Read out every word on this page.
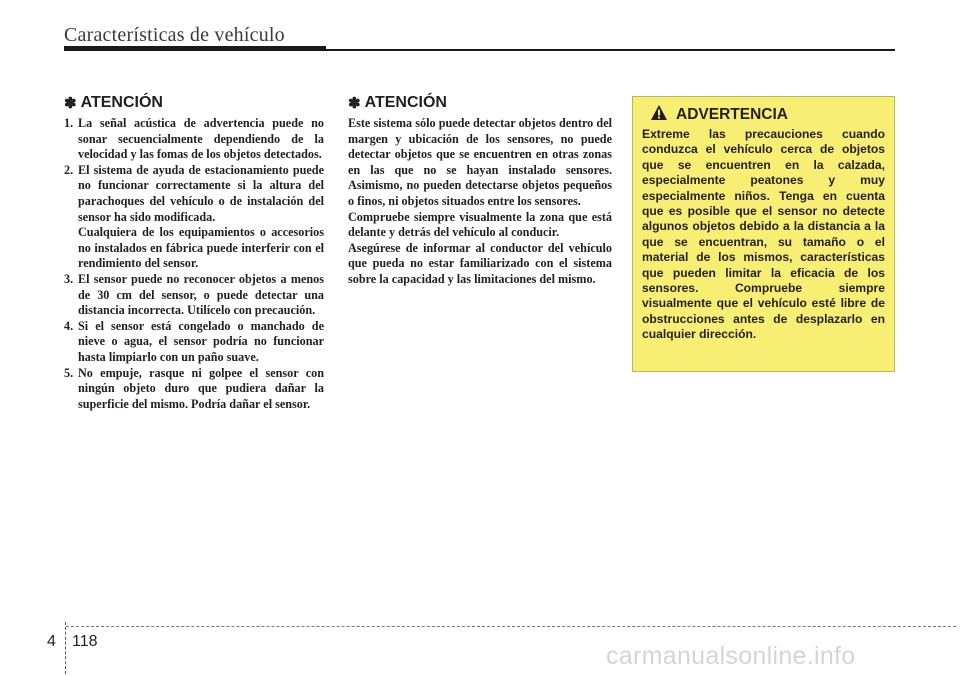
Características de vehículo
✽ ATENCIÓN
1. La señal acústica de advertencia puede no sonar secuencialmente dependiendo de la velocidad y las fomas de los objetos detectados.
2. El sistema de ayuda de estacionamiento puede no funcionar correctamente si la altura del parachoques del vehículo o de instalación del sensor ha sido modificada.

Cualquiera de los equipamientos o accesorios no instalados en fábrica puede interferir con el rendimiento del sensor.

3. El sensor puede no reconocer objetos a menos de 30 cm del sensor, o puede detectar una distancia incorrecta. Utilícelo con precaución.
4. Si el sensor está congelado o manchado de nieve o agua, el sensor podría no funcionar hasta limpiarlo con un paño suave.
5. No empuje, rasque ni golpee el sensor con ningún objeto duro que pudiera dañar la superficie del mismo. Podría dañar el sensor.
✽ ATENCIÓN

Este sistema sólo puede detectar objetos dentro del margen y ubicación de los sensores, no puede detectar objetos que se encuentren en otras zonas en las que no se hayan instalado sensores. Asimismo, no pueden detectarse objetos pequeños o finos, ni objetos situados entre los sensores.

Compruebe siempre visualmente la zona que está delante y detrás del vehículo al conducir.

Asegúrese de informar al conductor del vehículo que pueda no estar familiarizado con el sistema sobre la capacidad y las limitaciones del mismo.

ADVERTENCIA

Extreme las precauciones cuando conduzca el vehículo cerca de objetos que se encuentren en la calzada, especialmente peatones y muy especialmente niños. Tenga en cuenta que es posible que el sensor no detecte algunos objetos debido a la distancia a la que se encuentran, su tamaño o el material de los mismos, características que pueden limitar la eficacia de los sensores. Compruebe siempre visualmente que el vehículo esté libre de obstrucciones antes de desplazarlo en cualquier dirección.

4 118
carmanualsonline.info
